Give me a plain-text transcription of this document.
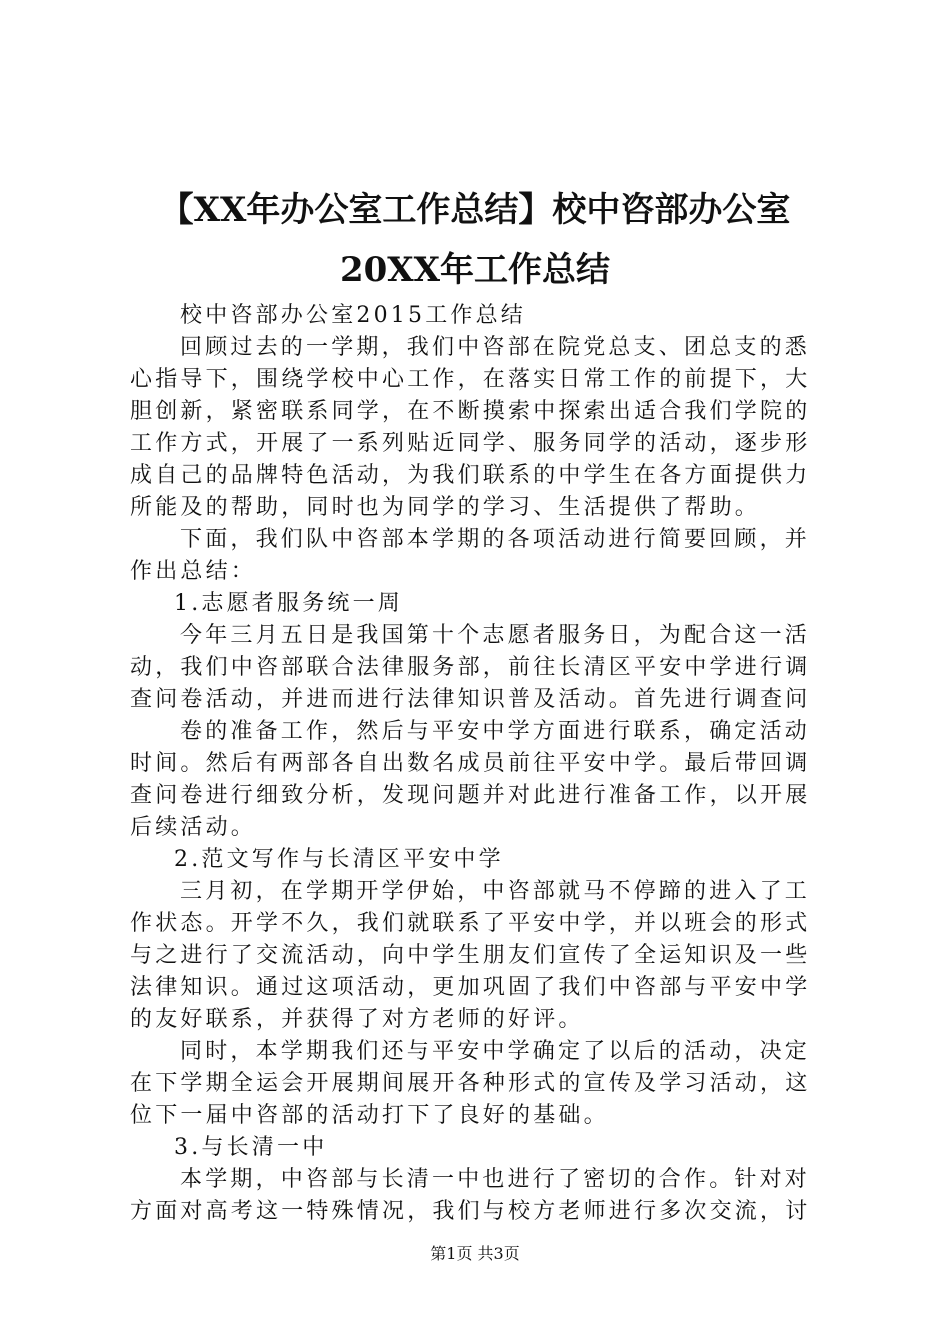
【XX年办公室工作总结】校中咨部办公室
20XX年工作总结
校中咨部办公室2015工作总结
回顾过去的一学期，我们中咨部在院党总支、团总支的悉
心指导下，围绕学校中心工作，在落实日常工作的前提下，大
胆创新，紧密联系同学，在不断摸索中探索出适合我们学院的
工作方式，开展了一系列贴近同学、服务同学的活动，逐步形
成自己的品牌特色活动，为我们联系的中学生在各方面提供力
所能及的帮助，同时也为同学的学习、生活提供了帮助。
下面，我们队中咨部本学期的各项活动进行简要回顾，并
作出总结：
1.志愿者服务统一周
今年三月五日是我国第十个志愿者服务日，为配合这一活
动，我们中咨部联合法律服务部，前往长清区平安中学进行调
查问卷活动，并进而进行法律知识普及活动。首先进行调查问
卷的准备工作，然后与平安中学方面进行联系，确定活动
时间。然后有两部各自出数名成员前往平安中学。最后带回调
查问卷进行细致分析，发现问题并对此进行准备工作，以开展
后续活动。
2.范文写作与长清区平安中学
三月初，在学期开学伊始，中咨部就马不停蹄的进入了工
作状态。开学不久，我们就联系了平安中学，并以班会的形式
与之进行了交流活动，向中学生朋友们宣传了全运知识及一些
法律知识。通过这项活动，更加巩固了我们中咨部与平安中学
的友好联系，并获得了对方老师的好评。
同时，本学期我们还与平安中学确定了以后的活动，决定
在下学期全运会开展期间展开各种形式的宣传及学习活动，这
位下一届中咨部的活动打下了良好的基础。
3.与长清一中
本学期，中咨部与长清一中也进行了密切的合作。针对对
方面对高考这一特殊情况，我们与校方老师进行多次交流，讨
第1页 共3页
